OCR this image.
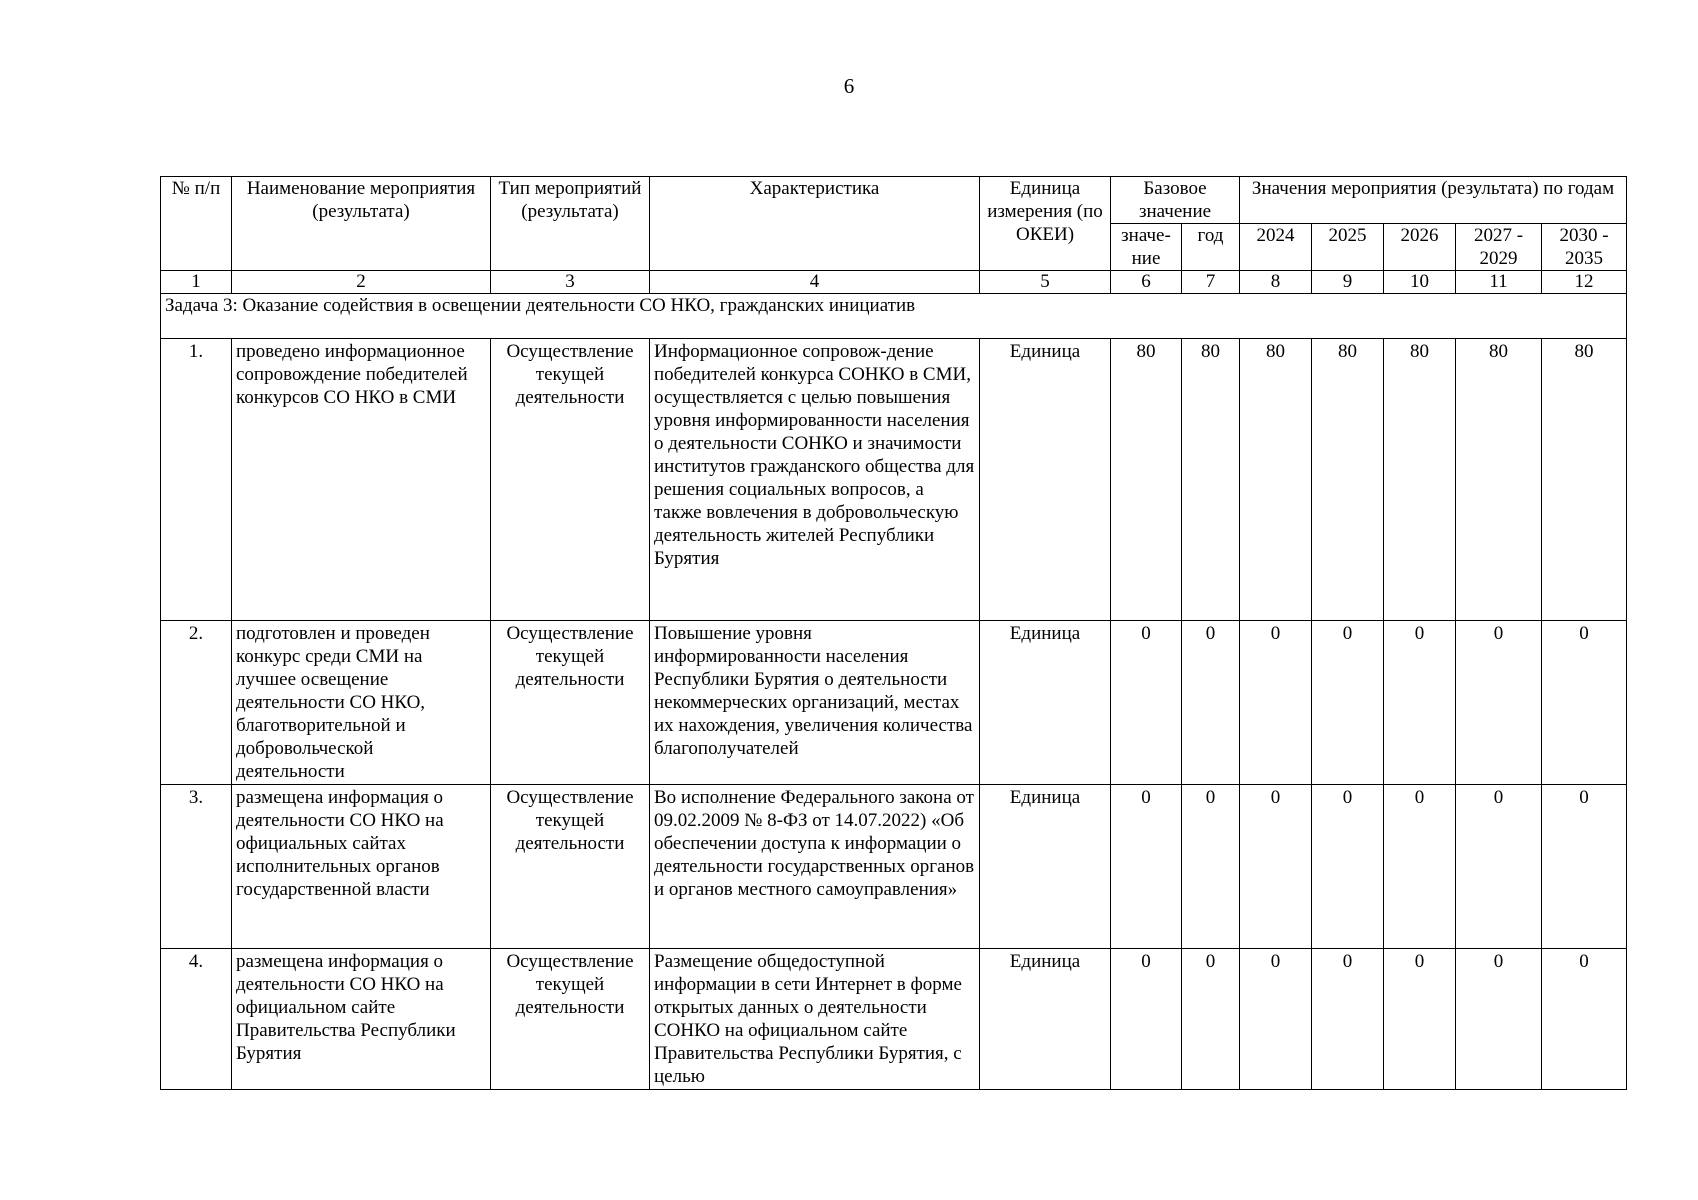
6
№ п/п	Наименование мероприятия (результата)	Тип мероприятий (результата)	Характеристика	Единица измерения (по ОКЕИ)	Базовое значение		Значения мероприятия (результата) по годам				
					значе-ние	год	2024	2025	2026	2027 - 2029	2030 - 2035
1	2	3	4	5	6	7	8	9	10	11	12
Задача 3: Оказание содействия в освещении деятельности СО НКО, гражданских инициатив											
1.	проведено информационное сопровождение победителей конкурсов СО НКО в СМИ	Осуществление текущей деятельности	Информационное сопровож-дение победителей конкурса СОНКО в СМИ, осуществляется с целью повышения уровня информированности населения о деятельности СОНКО и значимости институтов гражданского общества для решения социальных вопросов, а также вовлечения в добровольческую деятельность жителей Республики Бурятия	Единица	80	80	80	80	80	80	80
2.	подготовлен и проведен конкурс среди СМИ на лучшее освещение деятельности СО НКО, благотворительной и добровольческой деятельности	Осуществление текущей деятельности	Повышение уровня информированности населения Республики Бурятия о деятельности некоммерческих организаций, местах их нахождения, увеличения количества благополучателей	Единица	0	0	0	0	0	0	0
3.	размещена информация о деятельности СО НКО на официальных сайтах исполнительных органов государственной власти	Осуществление текущей деятельности	Во исполнение Федерального закона от 09.02.2009 № 8-ФЗ от 14.07.2022) «Об обеспечении доступа к информации о деятельности государственных органов и органов местного самоуправления»	Единица	0	0	0	0	0	0	0
4.	размещена информация о деятельности СО НКО на официальном сайте Правительства Республики Бурятия	Осуществление текущей деятельности	Размещение общедоступной информации в сети Интернет в форме открытых данных о деятельности СОНКО на официальном сайте Правительства Республики Бурятия, с целью	Единица	0	0	0	0	0	0	0
